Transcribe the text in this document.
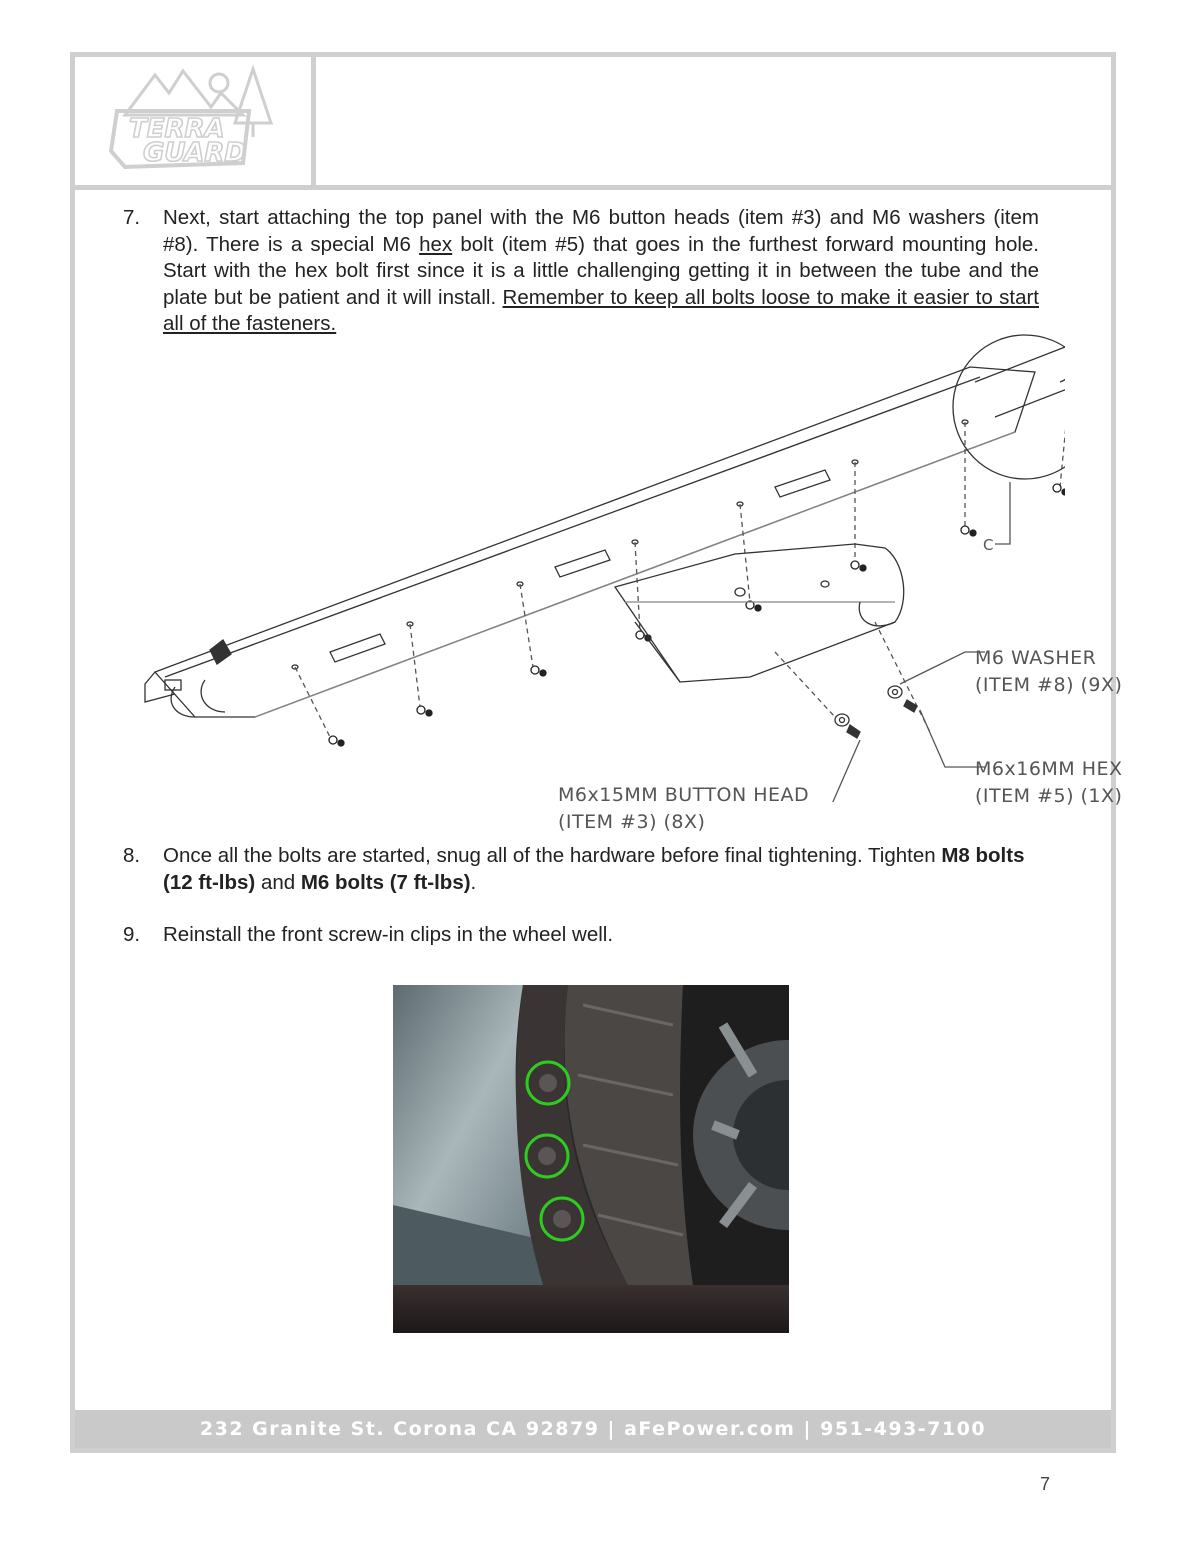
TERRA
GUARD
7. Next, start attaching the top panel with the M6 button heads (item #3) and M6 washers (item #8). There is a special M6 hex bolt (item #5) that goes in the furthest forward mounting hole. Start with the hex bolt first since it is a little challenging getting it in between the tube and the plate but be patient and it will install. Remember to keep all bolts loose to make it easier to start all of the fasteners.
C
M6 WASHER
(ITEM #8) (9X)
M6x16MM HEX
(ITEM #5) (1X)
M6x15MM BUTTON HEAD
(ITEM #3) (8X)
8. Once all the bolts are started, snug all of the hardware before final tightening. Tighten M8 bolts (12 ft-lbs) and M6 bolts (7 ft-lbs).
9. Reinstall the front screw-in clips in the wheel well.
232 Granite St. Corona CA 92879 | aFePower.com | 951-493-7100
7
